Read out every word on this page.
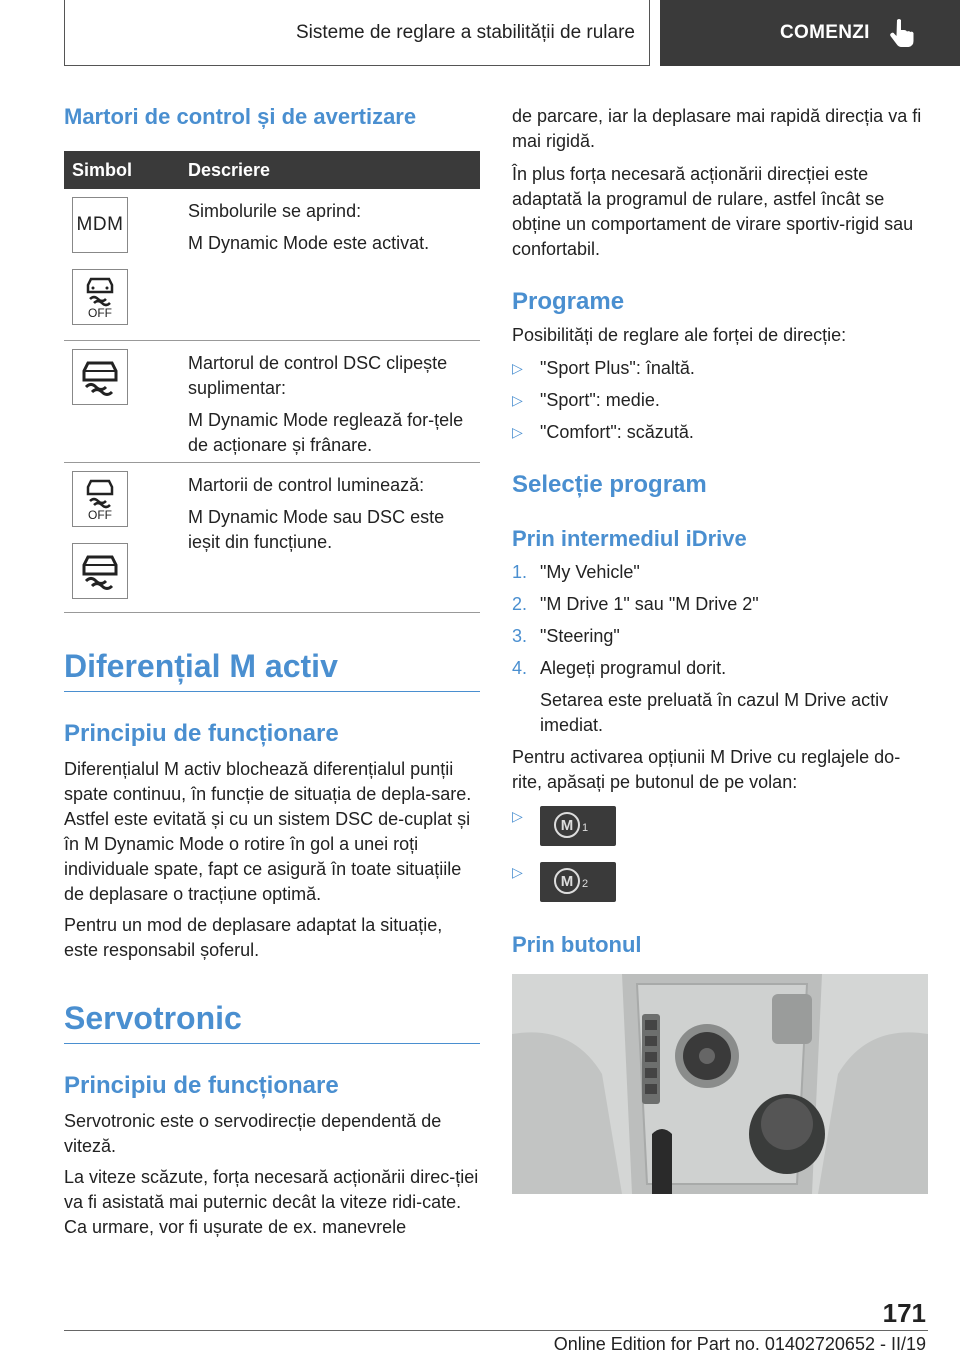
Sisteme de reglare a stabilității de rulare	COMENZI
Martori de control și de avertizare
Simbol	Descriere
MDM
OFF

Simbolurile se aprind:

M Dynamic Mode este activat.

Martorul de control DSC clipește suplimentar:

M Dynamic Mode reglează for-țele de acționare și frânare.

OFF

Martorii de control luminează:

M Dynamic Mode sau DSC este ieșit din funcțiune.

Diferențial M activ
Principiu de funcționare

Diferențialul M activ blochează diferențialul punții spate continuu, în funcție de situația de depla-sare. Astfel este evitată și cu un sistem DSC de-cuplat și în M Dynamic Mode o rotire în gol a unei roți individuale spate, fapt ce asigură în toate situațiile de deplasare o tracțiune optimă.

Pentru un mod de deplasare adaptat la situație, este responsabil șoferul.

Servotronic
Principiu de funcționare

Servotronic este o servodirecție dependentă de viteză.

La viteze scăzute, forța necesară acționării direc-ției va fi asistată mai puternic decât la viteze ridi-cate. Ca urmare, vor fi ușurate de ex. manevrele

de parcare, iar la deplasare mai rapidă direcția va fi mai rigidă.

În plus forța necesară acționării direcției este adaptată la programul de rulare, astfel încât se obține un comportament de virare sportiv-rigid sau confortabil.

Programe

Posibilități de reglare ale forței de direcție:

▷ "Sport Plus": înaltă.
▷ "Sport": medie.
▷ "Comfort": scăzută.
Selecție program
Prin intermediul iDrive
1. "My Vehicle"
2. "M Drive 1" sau "M Drive 2"
3. "Steering"
4. Alegeți programul dorit.

Setarea este preluată în cazul M Drive activ imediat.

Pentru activarea opțiunii M Drive cu reglajele do-rite, apăsați pe butonul de pe volan:

▷
M 1
▷
M 2
Prin butonul
171
Online Edition for Part no. 01402720652 - II/19
